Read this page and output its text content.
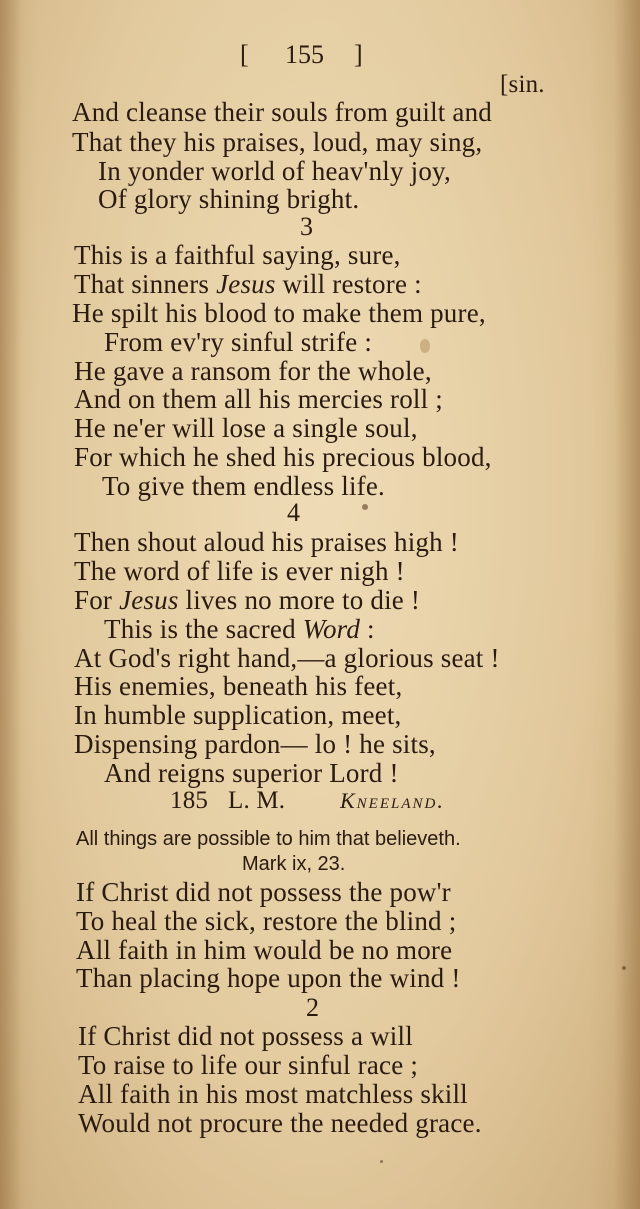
[ 155 ]
[sin.
And cleanse their souls from guilt and
That they his praises, loud, may sing,
In yonder world of heav'nly joy,
Of glory shining bright.
3
This is a faithful saying, sure,
That sinners Jesus will restore :
He spilt his blood to make them pure,
From ev'ry sinful strife :
He gave a ransom for the whole,
And on them all his mercies roll ;
He ne'er will lose a single soul,
For which he shed his precious blood,
To give them endless life.
4
Then shout aloud his praises high !
The word of life is ever nigh !
For Jesus lives no more to die !
This is the sacred Word :
At God's right hand,—a glorious seat !
His enemies, beneath his feet,
In humble supplication, meet,
Dispensing pardon— lo ! he sits,
And reigns superior Lord !
185 L. M. Kneeland.
All things are possible to him that believeth.
Mark ix, 23.
If Christ did not possess the pow'r
To heal the sick, restore the blind ;
All faith in him would be no more
Than placing hope upon the wind !
2
If Christ did not possess a will
To raise to life our sinful race ;
All faith in his most matchless skill
Would not procure the needed grace.
